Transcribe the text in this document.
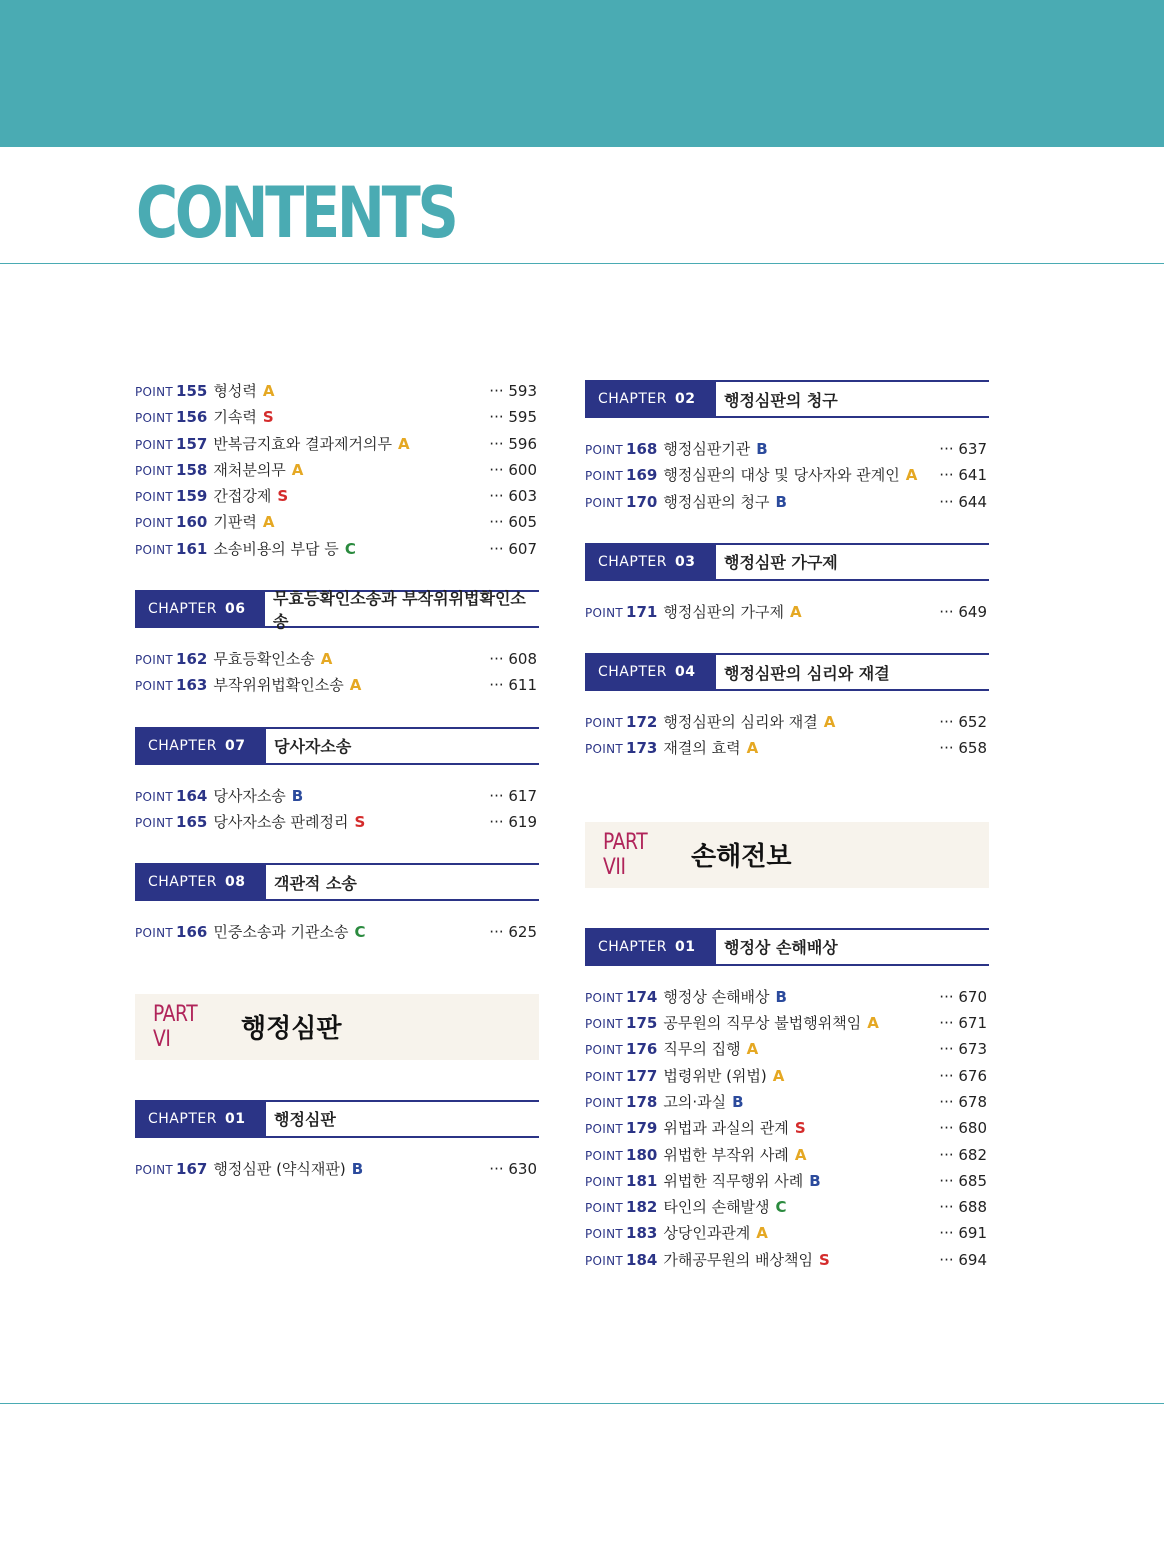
CONTENTS
POINT 155 형성력 A	··· 593
POINT 156 기속력 S	··· 595
POINT 157 반복금지효와 결과제거의무 A	··· 596
POINT 158 재처분의무 A	··· 600
POINT 159 간접강제 S	··· 603
POINT 160 기판력 A	··· 605
POINT 161 소송비용의 부담 등 C	··· 607
CHAPTER 06
무효등확인소송과 부작위위법확인소송
POINT 162 무효등확인소송 A	··· 608
POINT 163 부작위위법확인소송 A	··· 611
CHAPTER 07	당사자소송
POINT 164 당사자소송 B	··· 617
POINT 165 당사자소송 판례정리 S	··· 619
CHAPTER 08	객관적 소송
POINT 166 민중소송과 기관소송 C	··· 625
PART VI	행정심판
CHAPTER 01	행정심판
POINT 167 행정심판 (약식재판) B	··· 630
CHAPTER 02	행정심판의 청구
POINT 168 행정심판기관 B	··· 637
POINT 169 행정심판의 대상 및 당사자와 관계인 A ··· 641
POINT 170 행정심판의 청구 B	··· 644
CHAPTER 03	행정심판 가구제
POINT 171 행정심판의 가구제 A	··· 649
CHAPTER 04	행정심판의 심리와 재결
POINT 172 행정심판의 심리와 재결 A	··· 652
POINT 173 재결의 효력 A	··· 658
PART VII	손해전보
CHAPTER 01	행정상 손해배상
POINT 174 행정상 손해배상 B	··· 670
POINT 175 공무원의 직무상 불법행위책임 A	··· 671
POINT 176 직무의 집행 A	··· 673
POINT 177 법령위반 (위법) A	··· 676
POINT 178 고의·과실 B	··· 678
POINT 179 위법과 과실의 관계 S	··· 680
POINT 180 위법한 부작위 사례 A	··· 682
POINT 181 위법한 직무행위 사례 B	··· 685
POINT 182 타인의 손해발생 C	··· 688
POINT 183 상당인과관계 A	··· 691
POINT 184 가해공무원의 배상책임 S	··· 694
